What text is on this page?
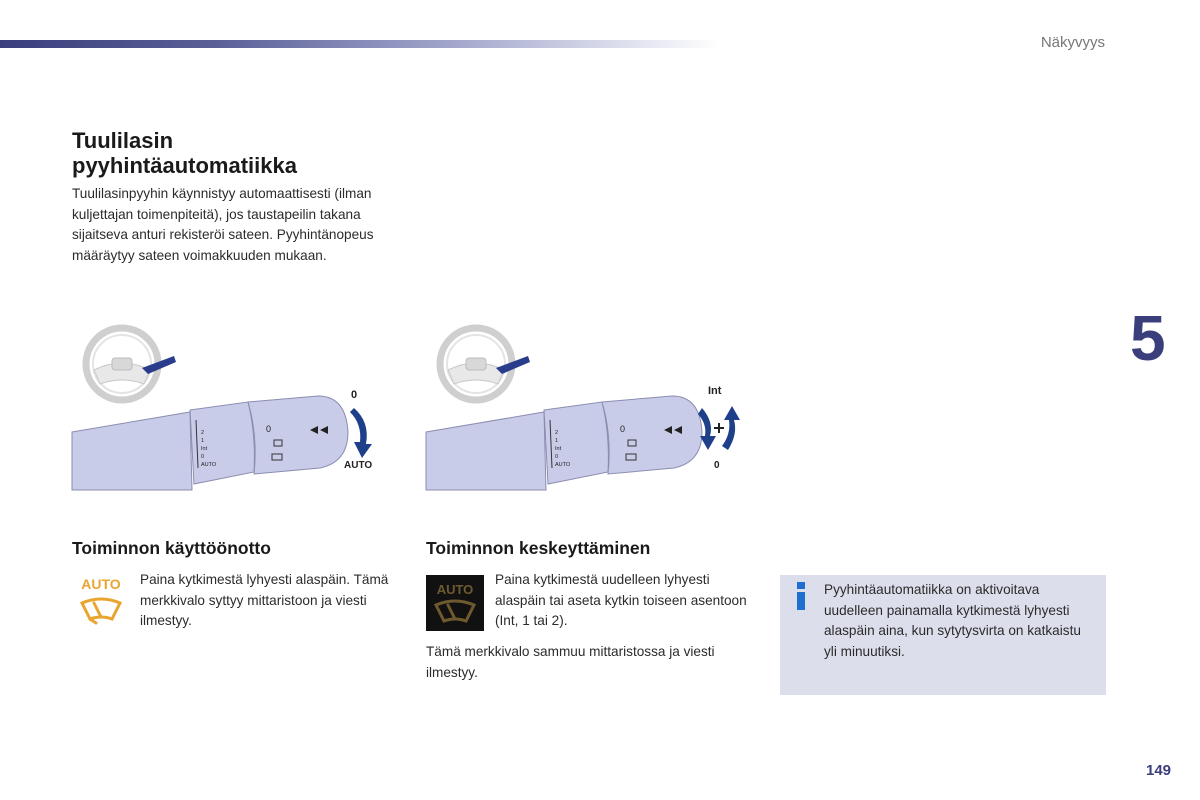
Näkyvyys
5
Tuulilasin pyyhintäautomatiikka

Tuulilasinpyyhin käynnistyy automaattisesti (ilman kuljettajan toimenpiteitä), jos taustapeilin takana sijaitseva anturi rekisteröi sateen. Pyyhintänopeus määräytyy sateen voimakkuuden mukaan.

2
1
Int
0
AUTO
0
0
AUTO
2
1
Int
0
AUTO
0
Int
0
Toiminnon käyttöönotto
AUTO Paina kytkimestä lyhyesti alaspäin. Tämä merkkivalo syttyy mittaristoon ja viesti ilmestyy.

Toiminnon keskeyttäminen
AUTO

Paina kytkimestä uudelleen lyhyesti alaspäin tai aseta kytkin toiseen asentoon (Int, 1 tai 2).

Tämä merkkivalo sammuu mittaristossa ja viesti ilmestyy.

Pyyhintäautomatiikka on aktivoitava uudelleen painamalla kytkimestä lyhyesti alaspäin aina, kun sytytysvirta on katkaistu yli minuutiksi.

149
